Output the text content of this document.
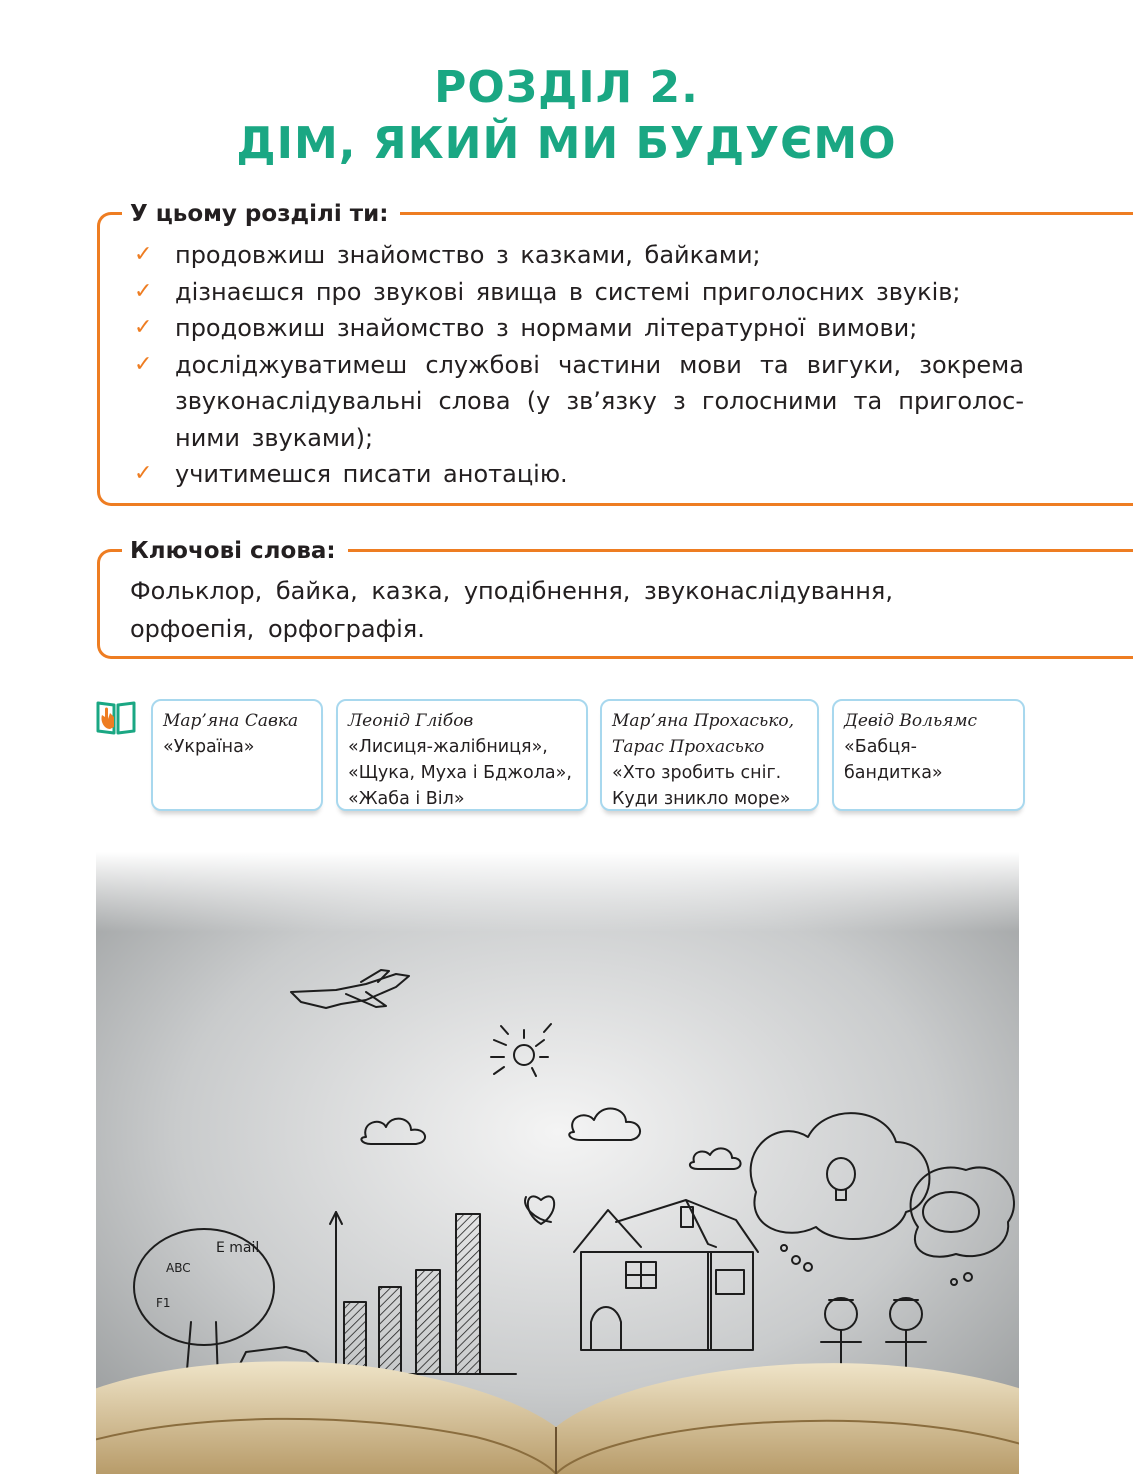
РОЗДІЛ 2.
ДІМ, ЯКИЙ МИ БУДУЄМО
У цьому розділі ти:
✓ продовжиш знайомство з казками, байками;
✓ дізнаєшся про звукові явища в системі приголосних звуків;
✓ продовжиш знайомство з нормами літературної вимови;
✓ досліджуватимеш службові частини мови та вигуки, зокрема звуконаслідувальні слова (у зв’язку з голосними та приголосними звуками);
✓ учитимешся писати анотацію.
Ключові слова:
Фольклор, байка, казка, уподібнення, звуконаслідування, орфоепія, орфографія.
Мар’яна Савка
«Україна»
Леонід Глібов
«Лисиця-жалібниця»,
«Щука, Муха і Бджола»,
«Жаба і Віл»
Мар’яна Прохасько,
Тарас Прохасько
«Хто зробить сніг.
Куди зникло море»
Девід Вольямс
«Бабця-бандитка»
E mail
ABC
F1
